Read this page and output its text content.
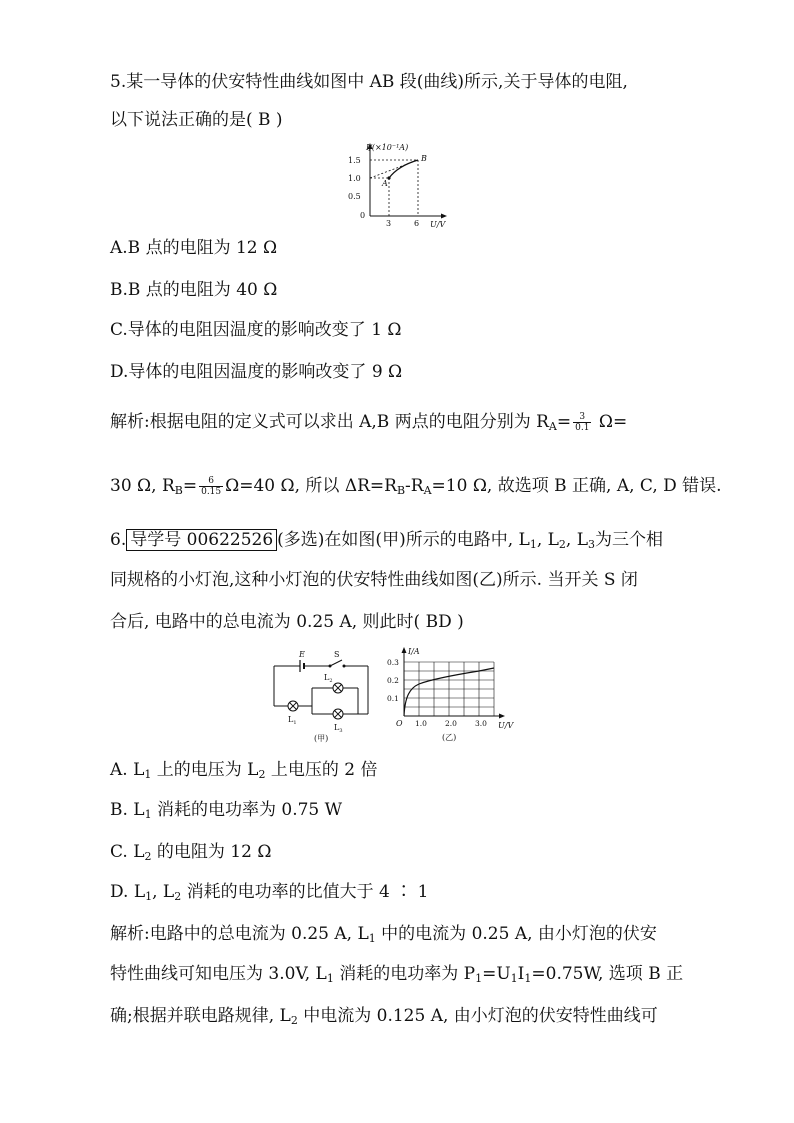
5.某一导体的伏安特性曲线如图中 AB 段(曲线)所示,关于导体的电阻,
以下说法正确的是( B )
I/(×10⁻¹A)
U/V
1.5
1.0
0.5
0
3	6
A
B
A.B 点的电阻为 12 Ω
B.B 点的电阻为 40 Ω
C.导体的电阻因温度的影响改变了 1 Ω
D.导体的电阻因温度的影响改变了 9 Ω
解析:根据电阻的定义式可以求出 A,B 两点的电阻分别为 $R_A= \frac{3}{0.1} \Omega=$
30 Ω, $R_B= \frac{6}{0.15} \Omega=40$ Ω, 所以 $\Delta R=R_B-R_A=10$ Ω, 故选项 B 正确, A, C, D 错误.
6. 导学号 00622526 (多选)在如图(甲)所示的电路中, $L_1$, $L_2$, $L_3$为三个相
同规格的小灯泡,这种小灯泡的伏安特性曲线如图(乙)所示. 当开关 S 闭
合后, 电路中的总电流为 0.25 A, 则此时( BD )
E	S
$L_1$
$L_2$
$L_3$
(甲)
I/A
U/V
0.3
0.2
0.1
O 1.0 2.0 3.0
(乙)
A. $L_1$ 上的电压为 $L_2$ 上电压的 2 倍
B. $L_1$ 消耗的电功率为 0.75 W
C. $L_2$ 的电阻为 12 Ω
D. $L_1$, $L_2$ 消耗的电功率的比值大于 4 ∶ 1
解析:电路中的总电流为 0.25 A, $L_1$ 中的电流为 0.25 A, 由小灯泡的伏安
特性曲线可知电压为 3.0V, $L_1$ 消耗的电功率为 $P_1=U_1I_1=0.75W$, 选项 B 正
确;根据并联电路规律, $L_2$ 中电流为 0.125 A, 由小灯泡的伏安特性曲线可
